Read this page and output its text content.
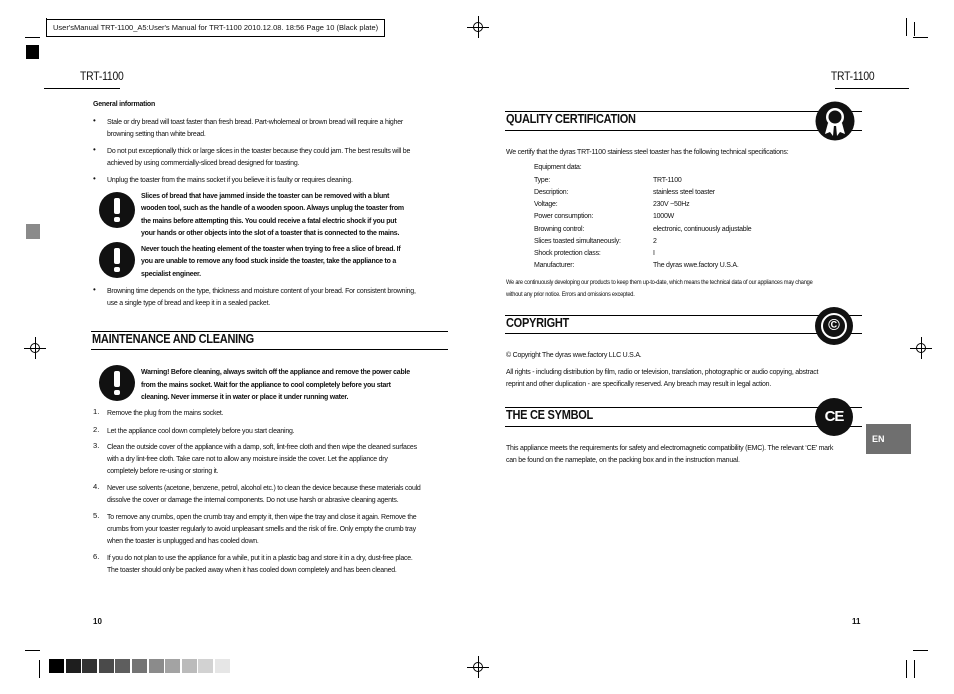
User'sManual TRT-1100_A5:User's Manual for TRT-1100 2010.12.08. 18:56 Page 10 (Black plate)
TRT-1100	TRT-1100
General information
• Stale or dry bread will toast faster than fresh bread. Part-wholemeal or brown bread will require a higher
browning setting than white bread.
• Do not put exceptionally thick or large slices in the toaster because they could jam. The best results will be
achieved by using commercially-sliced bread designed for toasting.
• Unplug the toaster from the mains socket if you believe it is faulty or requires cleaning.
Slices of bread that have jammed inside the toaster can be removed with a blunt
wooden tool, such as the handle of a wooden spoon. Always unplug the toaster from
the mains before attempting this. You could receive a fatal electric shock if you put
your hands or other objects into the slot of a toaster that is connected to the mains.
Never touch the heating element of the toaster when trying to free a slice of bread. If
you are unable to remove any food stuck inside the toaster, take the appliance to a
specialist engineer.
• Browning time depends on the type, thickness and moisture content of your bread. For consistent browning,
use a single type of bread and keep it in a sealed packet.
MAINTENANCE AND CLEANING
Warning! Before cleaning, always switch off the appliance and remove the power cable
from the mains socket. Wait for the appliance to cool completely before you start
cleaning. Never immerse it in water or place it under running water.
1. Remove the plug from the mains socket.
2. Let the appliance cool down completely before you start cleaning.
3. Clean the outside cover of the appliance with a damp, soft, lint-free cloth and then wipe the cleaned surfaces
with a dry lint-free cloth. Take care not to allow any moisture inside the cover. Let the appliance dry
completely before re-using or storing it.
4. Never use solvents (acetone, benzene, petrol, alcohol etc.) to clean the device because these materials could
dissolve the cover or damage the internal components. Do not use harsh or abrasive cleaning agents.
5. To remove any crumbs, open the crumb tray and empty it, then wipe the tray and close it again. Remove the
crumbs from your toaster regularly to avoid unpleasant smells and the risk of fire. Only empty the crumb tray
when the toaster is unplugged and has cooled down.
6. If you do not plan to use the appliance for a while, put it in a plastic bag and store it in a dry, dust-free place.
The toaster should only be packed away when it has cooled down completely and has been cleaned.
10
QUALITY CERTIFICATION
We certify that the dyras TRT-1100 stainless steel toaster has the following technical specifications:
Equipment data:
Type:	TRT-1100
Description:	stainless steel toaster
Voltage:	230V ~50Hz
Power consumption:	1000W
Browning control:	electronic, continuously adjustable
Slices toasted simultaneously:	2
Shock protection class:	I
Manufacturer:	The dyras wwe.factory U.S.A.
We are continuously developing our products to keep them up-to-date, which means the technical data of our appliances may change
without any prior notice. Errors and omissions excepted.
COPYRIGHT	©
© Copyright The dyras wwe.factory LLC U.S.A.
All rights - including distribution by film, radio or television, translation, photographic or audio copying, abstract
reprint and other duplication - are specifically reserved. Any breach may result in legal action.
THE CE SYMBOL	CE
This appliance meets the requirements for safety and electromagnetic compatibility (EMC). The relevant ‘CE’ mark
can be found on the nameplate, on the packing box and in the instruction manual.
EN
11
